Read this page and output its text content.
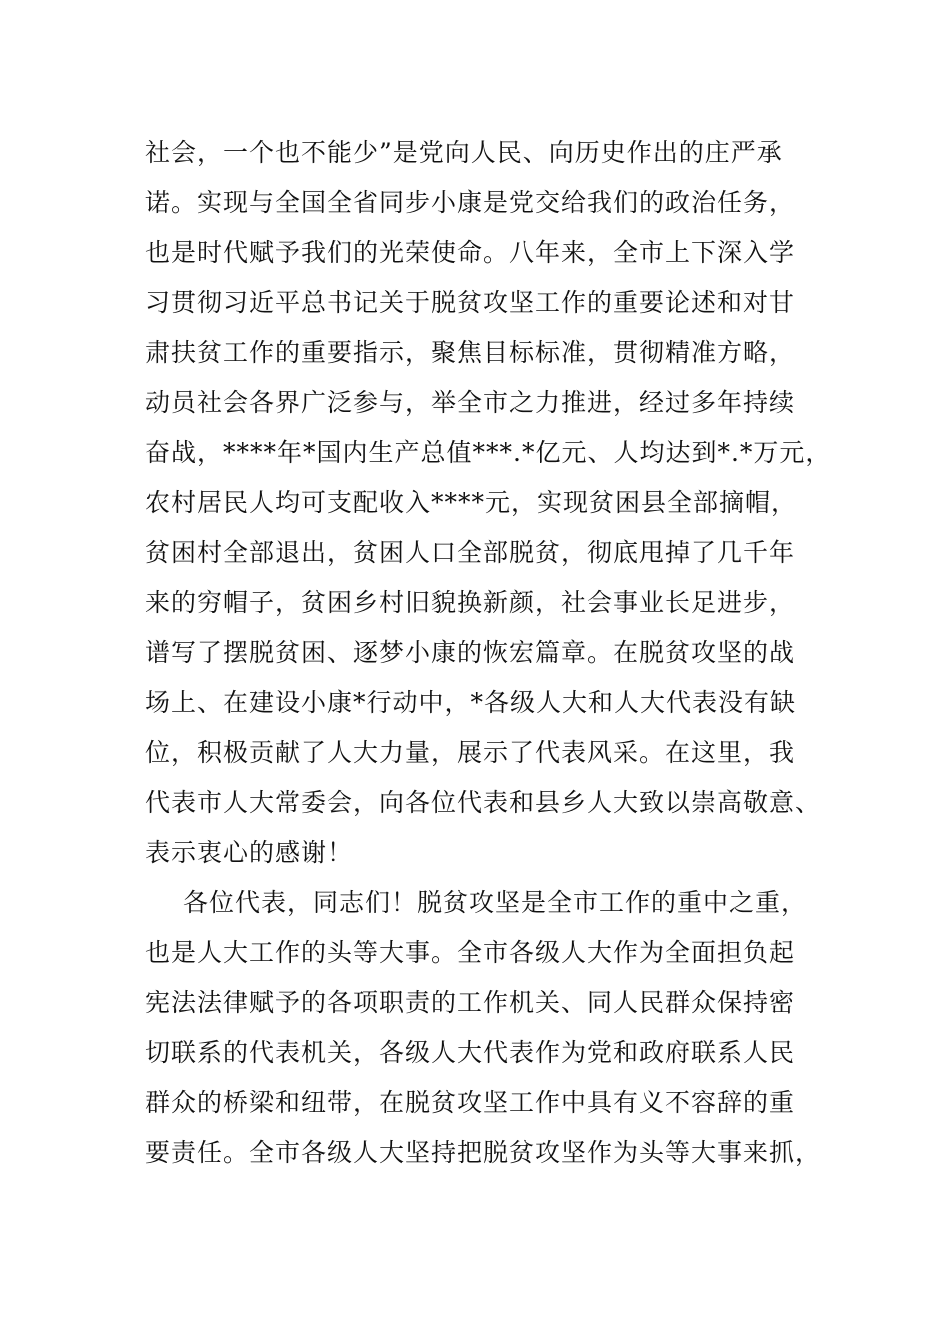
社会，一个也不能少”是党向人民、向历史作出的庄严承
诺。实现与全国全省同步小康是党交给我们的政治任务，
也是时代赋予我们的光荣使命。八年来，全市上下深入学
习贯彻习近平总书记关于脱贫攻坚工作的重要论述和对甘
肃扶贫工作的重要指示，聚焦目标标准，贯彻精准方略，
动员社会各界广泛参与，举全市之力推进，经过多年持续
奋战，****年*国内生产总值***.*亿元、人均达到*.*万元，
农村居民人均可支配收入****元，实现贫困县全部摘帽，
贫困村全部退出，贫困人口全部脱贫，彻底甩掉了几千年
来的穷帽子，贫困乡村旧貌换新颜，社会事业长足进步，
谱写了摆脱贫困、逐梦小康的恢宏篇章。在脱贫攻坚的战
场上、在建设小康*行动中，*各级人大和人大代表没有缺
位，积极贡献了人大力量，展示了代表风采。在这里，我
代表市人大常委会，向各位代表和县乡人大致以崇高敬意、
表示衷心的感谢！
各位代表，同志们！脱贫攻坚是全市工作的重中之重，
也是人大工作的头等大事。全市各级人大作为全面担负起
宪法法律赋予的各项职责的工作机关、同人民群众保持密
切联系的代表机关，各级人大代表作为党和政府联系人民
群众的桥梁和纽带，在脱贫攻坚工作中具有义不容辞的重
要责任。全市各级人大坚持把脱贫攻坚作为头等大事来抓，
